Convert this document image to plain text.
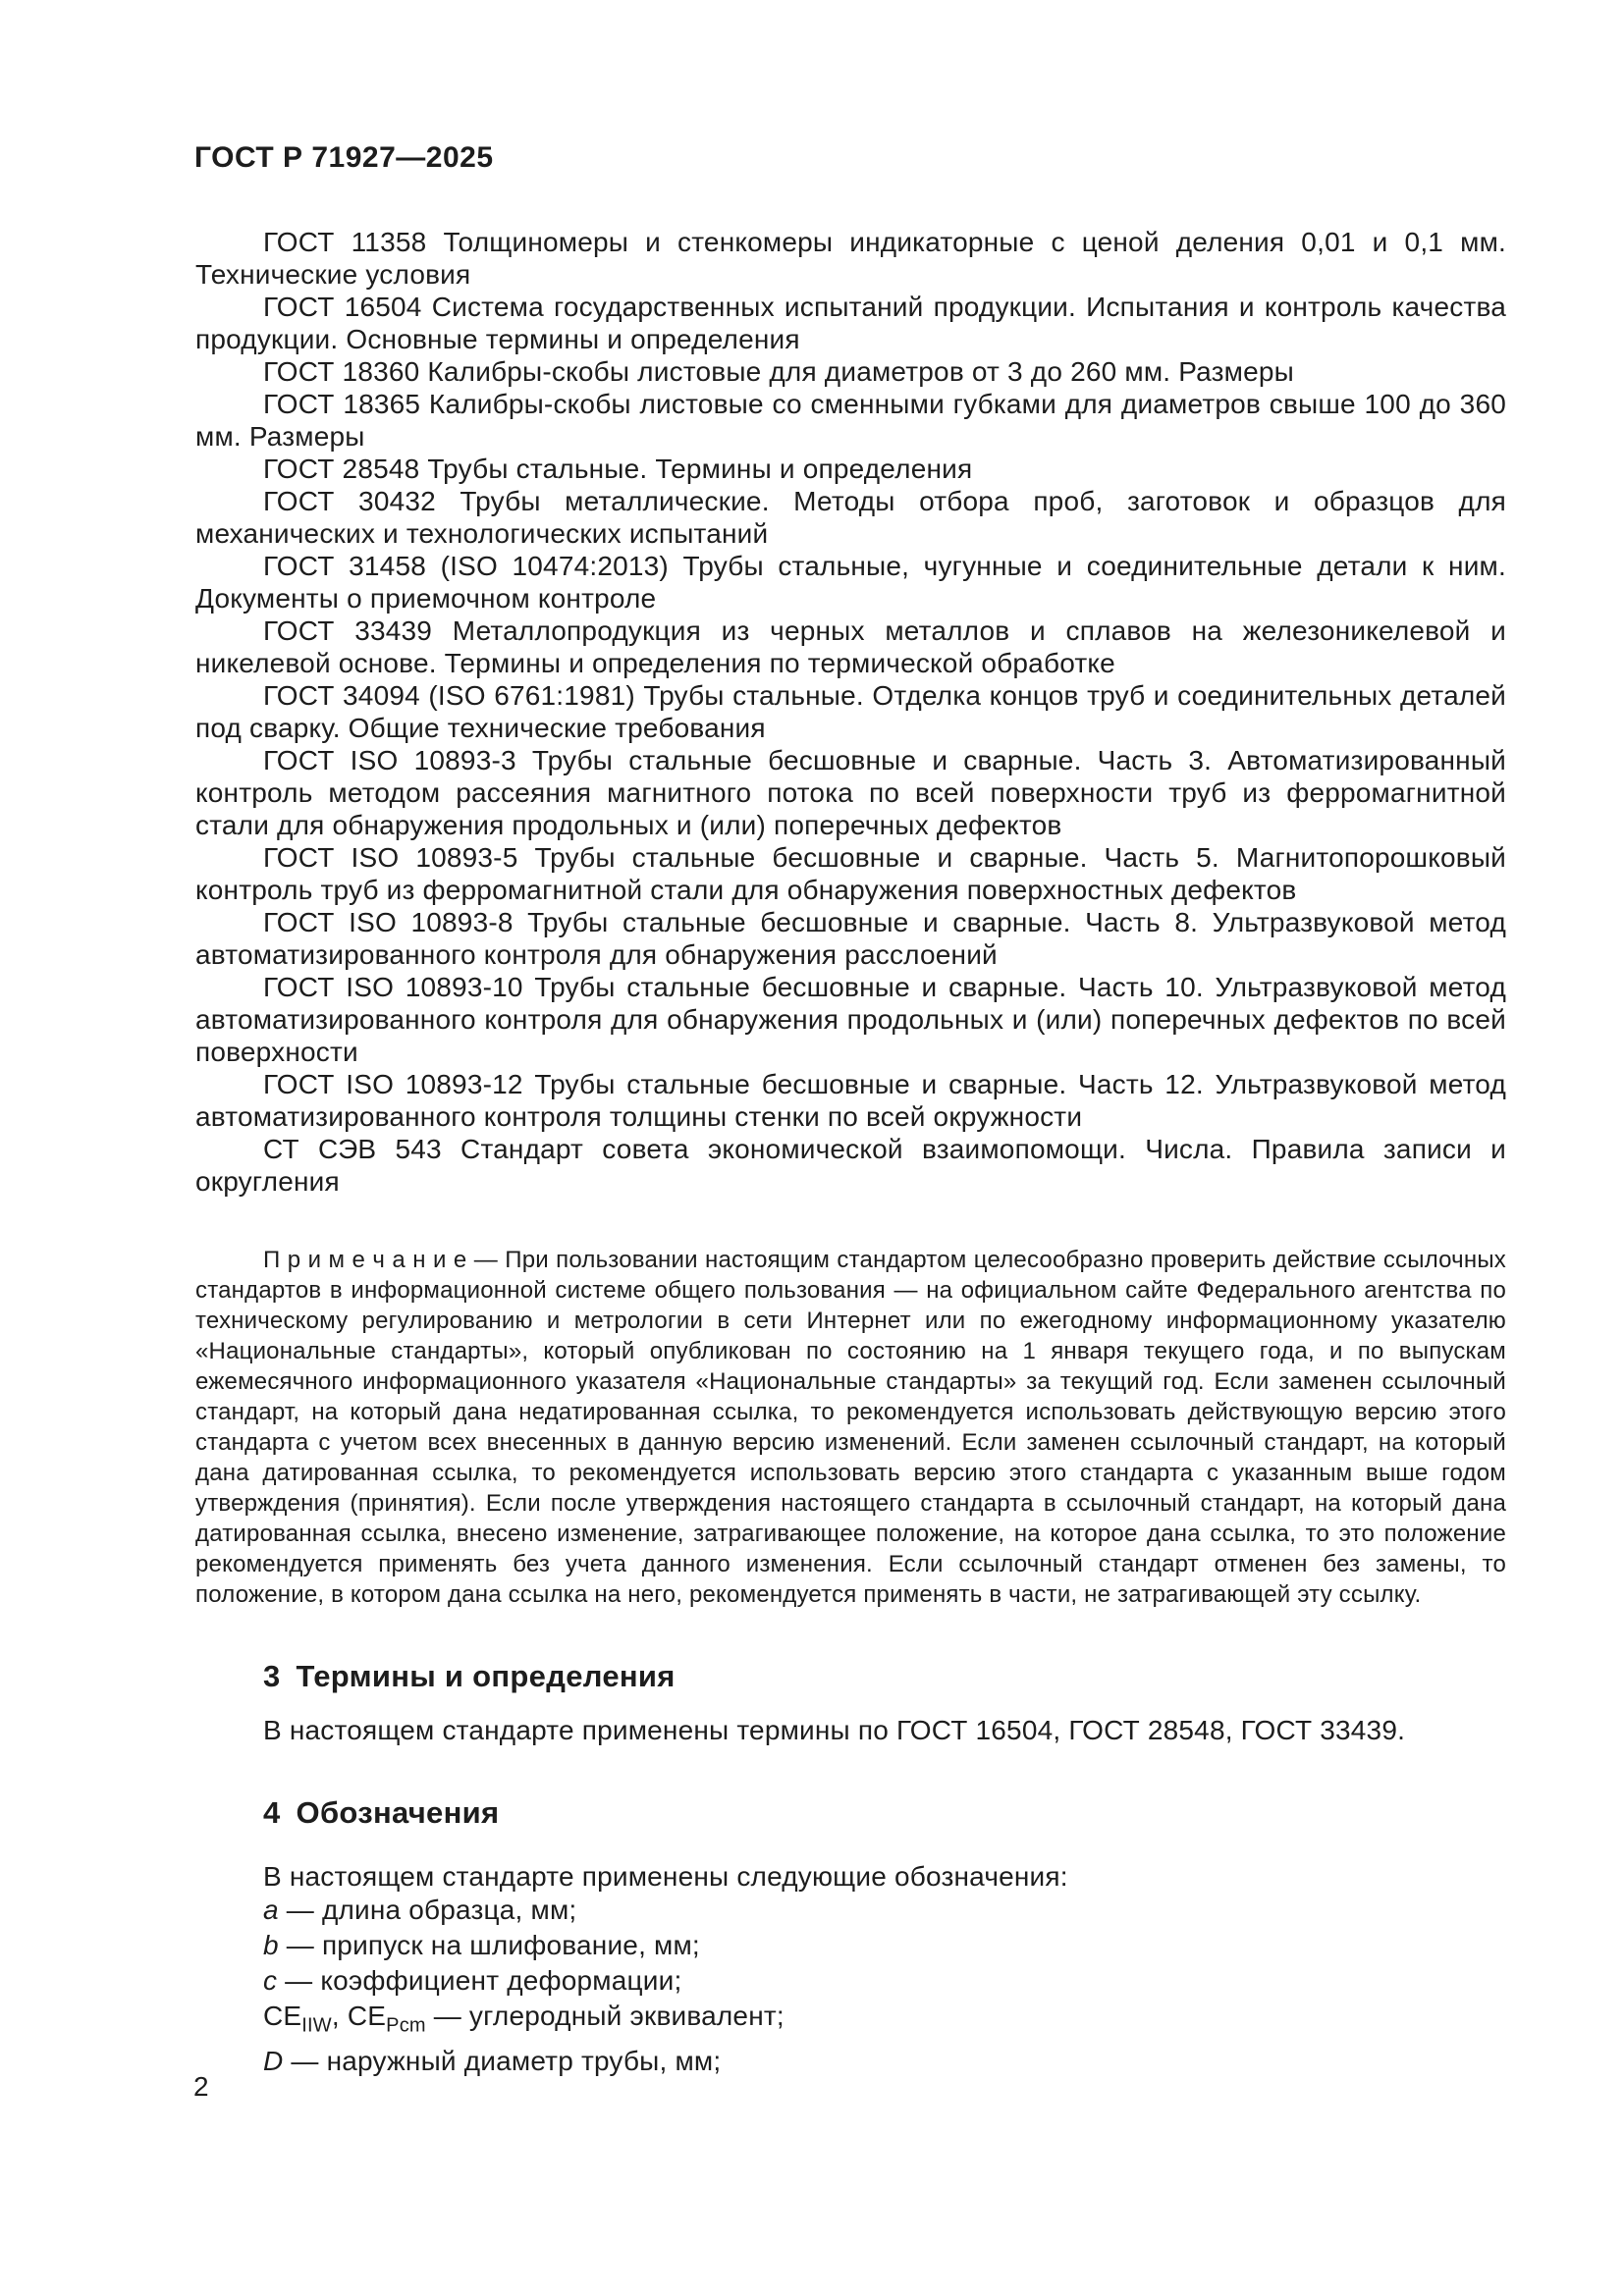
ГОСТ Р 71927—2025

ГОСТ 11358 Толщиномеры и стенкомеры индикаторные с ценой деления 0,01 и 0,1 мм. Технические условия

ГОСТ 16504 Система государственных испытаний продукции. Испытания и контроль качества продукции. Основные термины и определения

ГОСТ 18360 Калибры-скобы листовые для диаметров от 3 до 260 мм. Размеры

ГОСТ 18365 Калибры-скобы листовые со сменными губками для диаметров свыше 100 до 360 мм. Размеры

ГОСТ 28548 Трубы стальные. Термины и определения

ГОСТ 30432 Трубы металлические. Методы отбора проб, заготовок и образцов для механических и технологических испытаний

ГОСТ 31458 (ISO 10474:2013) Трубы стальные, чугунные и соединительные детали к ним. Документы о приемочном контроле

ГОСТ 33439 Металлопродукция из черных металлов и сплавов на железоникелевой и никелевой основе. Термины и определения по термической обработке

ГОСТ 34094 (ISO 6761:1981) Трубы стальные. Отделка концов труб и соединительных деталей под сварку. Общие технические требования

ГОСТ ISO 10893-3 Трубы стальные бесшовные и сварные. Часть 3. Автоматизированный контроль методом рассеяния магнитного потока по всей поверхности труб из ферромагнитной стали для обнаружения продольных и (или) поперечных дефектов

ГОСТ ISO 10893-5 Трубы стальные бесшовные и сварные. Часть 5. Магнитопорошковый контроль труб из ферромагнитной стали для обнаружения поверхностных дефектов

ГОСТ ISO 10893-8 Трубы стальные бесшовные и сварные. Часть 8. Ультразвуковой метод автоматизированного контроля для обнаружения расслоений

ГОСТ ISO 10893-10 Трубы стальные бесшовные и сварные. Часть 10. Ультразвуковой метод автоматизированного контроля для обнаружения продольных и (или) поперечных дефектов по всей поверхности

ГОСТ ISO 10893-12 Трубы стальные бесшовные и сварные. Часть 12. Ультразвуковой метод автоматизированного контроля толщины стенки по всей окружности

СТ СЭВ 543 Стандарт совета экономической взаимопомощи. Числа. Правила записи и округления

П р и м е ч а н и е — При пользовании настоящим стандартом целесообразно проверить действие ссылочных стандартов в информационной системе общего пользования — на официальном сайте Федерального агентства по техническому регулированию и метрологии в сети Интернет или по ежегодному информационному указателю «Национальные стандарты», который опубликован по состоянию на 1 января текущего года, и по выпускам ежемесячного информационного указателя «Национальные стандарты» за текущий год. Если заменен ссылочный стандарт, на который дана недатированная ссылка, то рекомендуется использовать действующую версию этого стандарта с учетом всех внесенных в данную версию изменений. Если заменен ссылочный стандарт, на который дана датированная ссылка, то рекомендуется использовать версию этого стандарта с указанным выше годом утверждения (принятия). Если после утверждения настоящего стандарта в ссылочный стандарт, на который дана датированная ссылка, внесено изменение, затрагивающее положение, на которое дана ссылка, то это положение рекомендуется применять без учета данного изменения. Если ссылочный стандарт отменен без замены, то положение, в котором дана ссылка на него, рекомендуется применять в части, не затрагивающей эту ссылку.

3 Термины и определения

В настоящем стандарте применены термины по ГОСТ 16504, ГОСТ 28548, ГОСТ 33439.

4 Обозначения

В настоящем стандарте применены следующие обозначения:

a — длина образца, мм;

b — припуск на шлифование, мм;

c — коэффициент деформации;

$CE_{IIW}$, $CE_{Pcm}$ — углеродный эквивалент;

D — наружный диаметр трубы, мм;

2
